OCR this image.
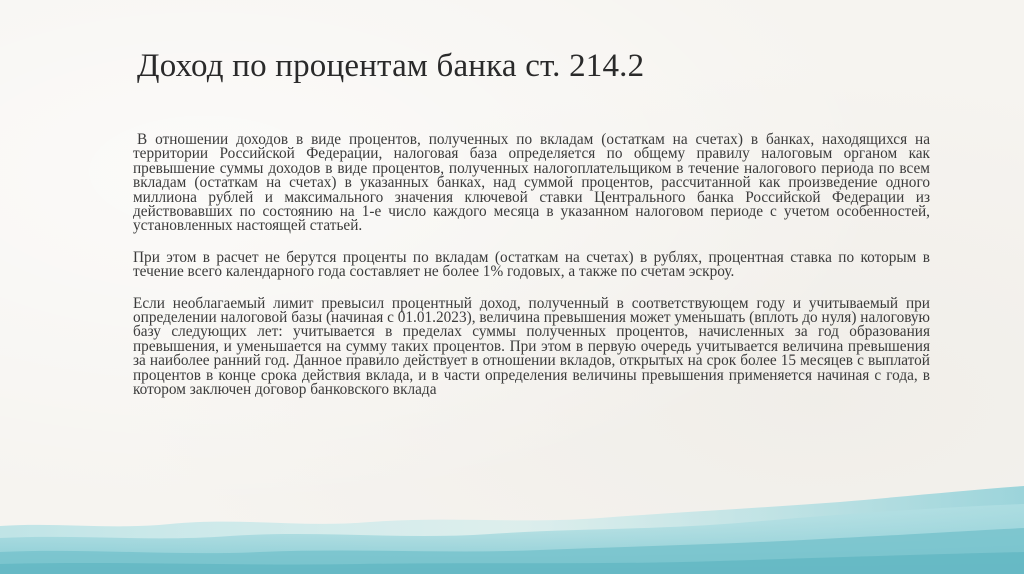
Доход по процентам банка ст. 214.2

В отношении доходов в виде процентов, полученных по вкладам (остаткам на счетах) в банках, находящихся на территории Российской Федерации, налоговая база определяется по общему правилу налоговым органом как превышение суммы доходов в виде процентов, полученных налогоплательщиком в течение налогового периода по всем вкладам (остаткам на счетах) в указанных банках, над суммой процентов, рассчитанной как произведение одного миллиона рублей и максимального значения ключевой ставки Центрального банка Российской Федерации из действовавших по состоянию на 1-е число каждого месяца в указанном налоговом периоде с учетом особенностей, установленных настоящей статьей.

При этом в расчет не берутся проценты по вкладам (остаткам на счетах) в рублях, процентная ставка по которым в течение всего календарного года составляет не более 1% годовых, а также по счетам эскроу.

Если необлагаемый лимит превысил процентный доход, полученный в соответствующем году и учитываемый при определении налоговой базы (начиная с 01.01.2023), величина превышения может уменьшать (вплоть до нуля) налоговую базу следующих лет: учитывается в пределах суммы полученных процентов, начисленных за год образования превышения, и уменьшается на сумму таких процентов. При этом в первую очередь учитывается величина превышения за наиболее ранний год. Данное правило действует в отношении вкладов, открытых на срок более 15 месяцев с выплатой процентов в конце срока действия вклада, и в части определения величины превышения применяется начиная с года, в котором заключен договор банковского вклада
